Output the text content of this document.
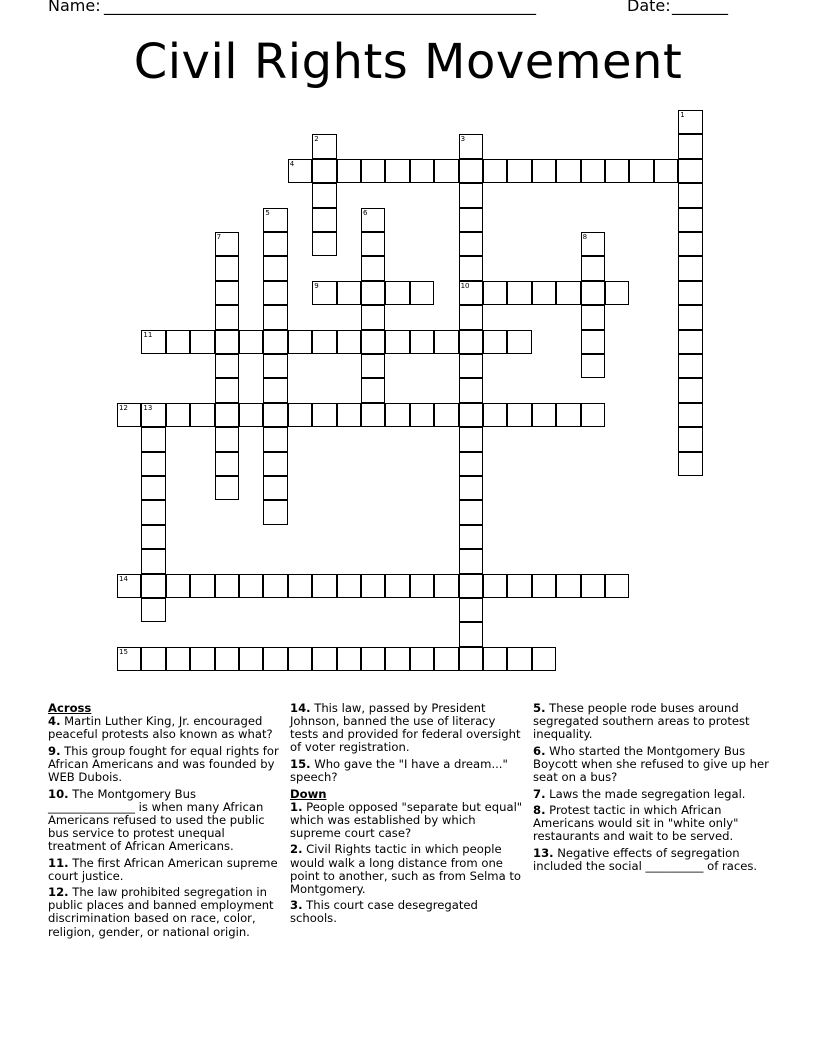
Name: ______________________________________________________	Date: _______
Civil Rights Movement
1
2	3
4
5	6
7	8
9	10
11
12 13
14
15
Across

4. Martin Luther King, Jr. encouraged peaceful protests also known as what?

9. This group fought for equal rights for African Americans and was founded by WEB Dubois.

10. The Montgomery Bus _______________ is when many African Americans refused to used the public bus service to protest unequal treatment of African Americans.

11. The first African American supreme court justice.

12. The law prohibited segregation in public places and banned employment discrimination based on race, color, religion, gender, or national origin.

14. This law, passed by President Johnson, banned the use of literacy tests and provided for federal oversight of voter registration.

15. Who gave the "I have a dream..." speech?

Down

1. People opposed "separate but equal" which was established by which supreme court case?

2. Civil Rights tactic in which people would walk a long distance from one point to another, such as from Selma to Montgomery.

3. This court case desegregated schools.

5. These people rode buses around segregated southern areas to protest inequality.

6. Who started the Montgomery Bus Boycott when she refused to give up her seat on a bus?

7. Laws the made segregation legal.

8. Protest tactic in which African Americans would sit in "white only" restaurants and wait to be served.

13. Negative effects of segregation included the social __________ of races.
